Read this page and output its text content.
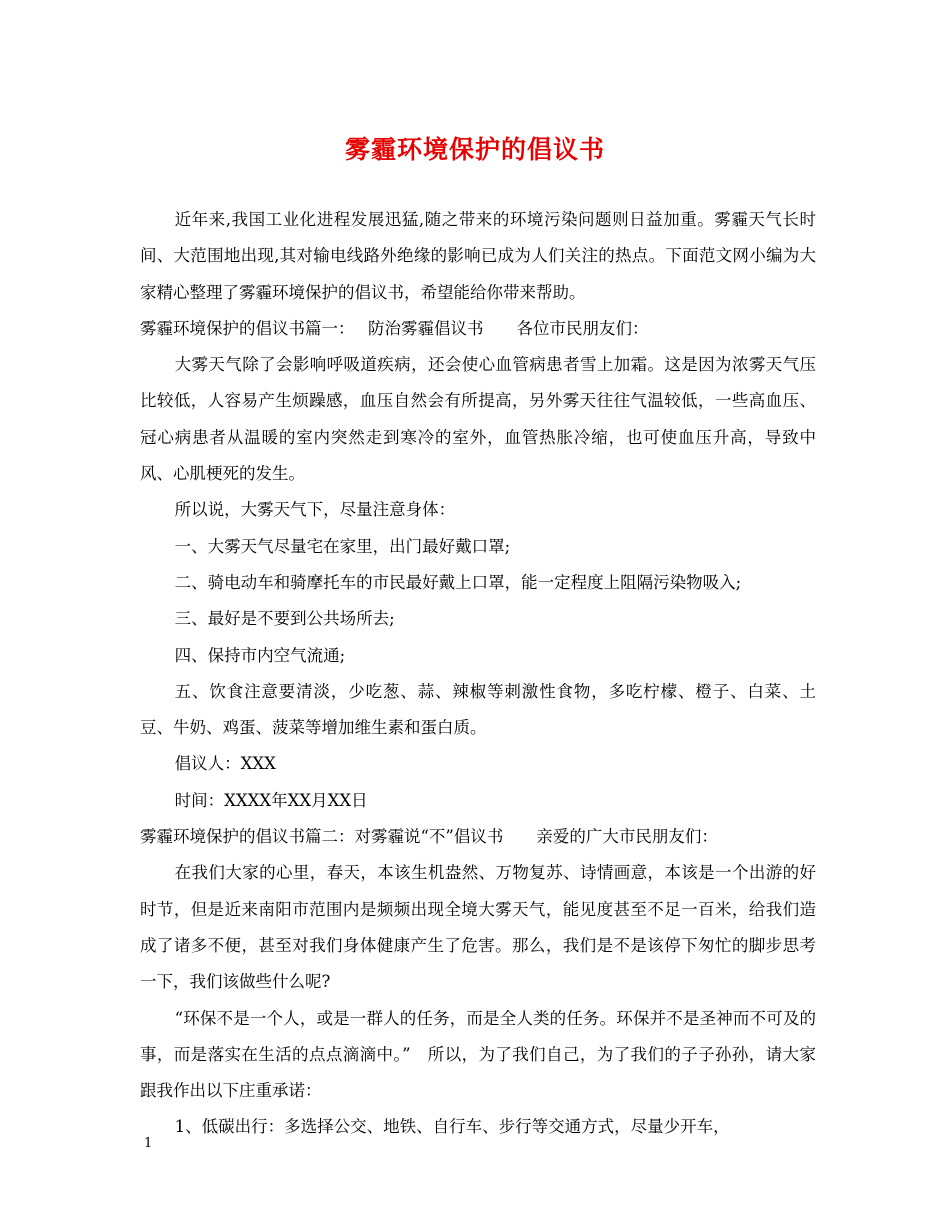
雾霾环境保护的倡议书

近年来,我国工业化进程发展迅猛,随之带来的环境污染问题则日益加重。雾霾天气长时间、大范围地出现,其对输电线路外绝缘的影响已成为人们关注的热点。下面范文网小编为大家精心整理了雾霾环境保护的倡议书，希望能给你带来帮助。

雾霾环境保护的倡议书篇一：　 防治雾霾倡议书　　各位市民朋友们：

大雾天气除了会影响呼吸道疾病，还会使心血管病患者雪上加霜。这是因为浓雾天气压比较低，人容易产生烦躁感，血压自然会有所提高，另外雾天往往气温较低，一些高血压、冠心病患者从温暖的室内突然走到寒冷的室外，血管热胀冷缩，也可使血压升高，导致中风、心肌梗死的发生。

所以说，大雾天气下，尽量注意身体：

一、大雾天气尽量宅在家里，出门最好戴口罩;

二、骑电动车和骑摩托车的市民最好戴上口罩，能一定程度上阻隔污染物吸入;

三、最好是不要到公共场所去;

四、保持市内空气流通;

五、饮食注意要清淡，少吃葱、蒜、辣椒等刺激性食物，多吃柠檬、橙子、白菜、土豆、牛奶、鸡蛋、菠菜等增加维生素和蛋白质。

倡议人：XXX

时间：XXXX年XX月XX日

雾霾环境保护的倡议书篇二：对雾霾说“不”倡议书　　亲爱的广大市民朋友们：

在我们大家的心里，春天，本该生机盎然、万物复苏、诗情画意，本该是一个出游的好时节，但是近来南阳市范围内是频频出现全境大雾天气，能见度甚至不足一百米，给我们造成了诸多不便，甚至对我们身体健康产生了危害。那么，我们是不是该停下匆忙的脚步思考一下，我们该做些什么呢?

“环保不是一个人，或是一群人的任务，而是全人类的任务。环保并不是圣神而不可及的事，而是落实在生活的点点滴滴中。”　所以，为了我们自己，为了我们的子子孙孙，请大家跟我作出以下庄重承诺：

1、低碳出行：多选择公交、地铁、自行车、步行等交通方式，尽量少开车，

1
